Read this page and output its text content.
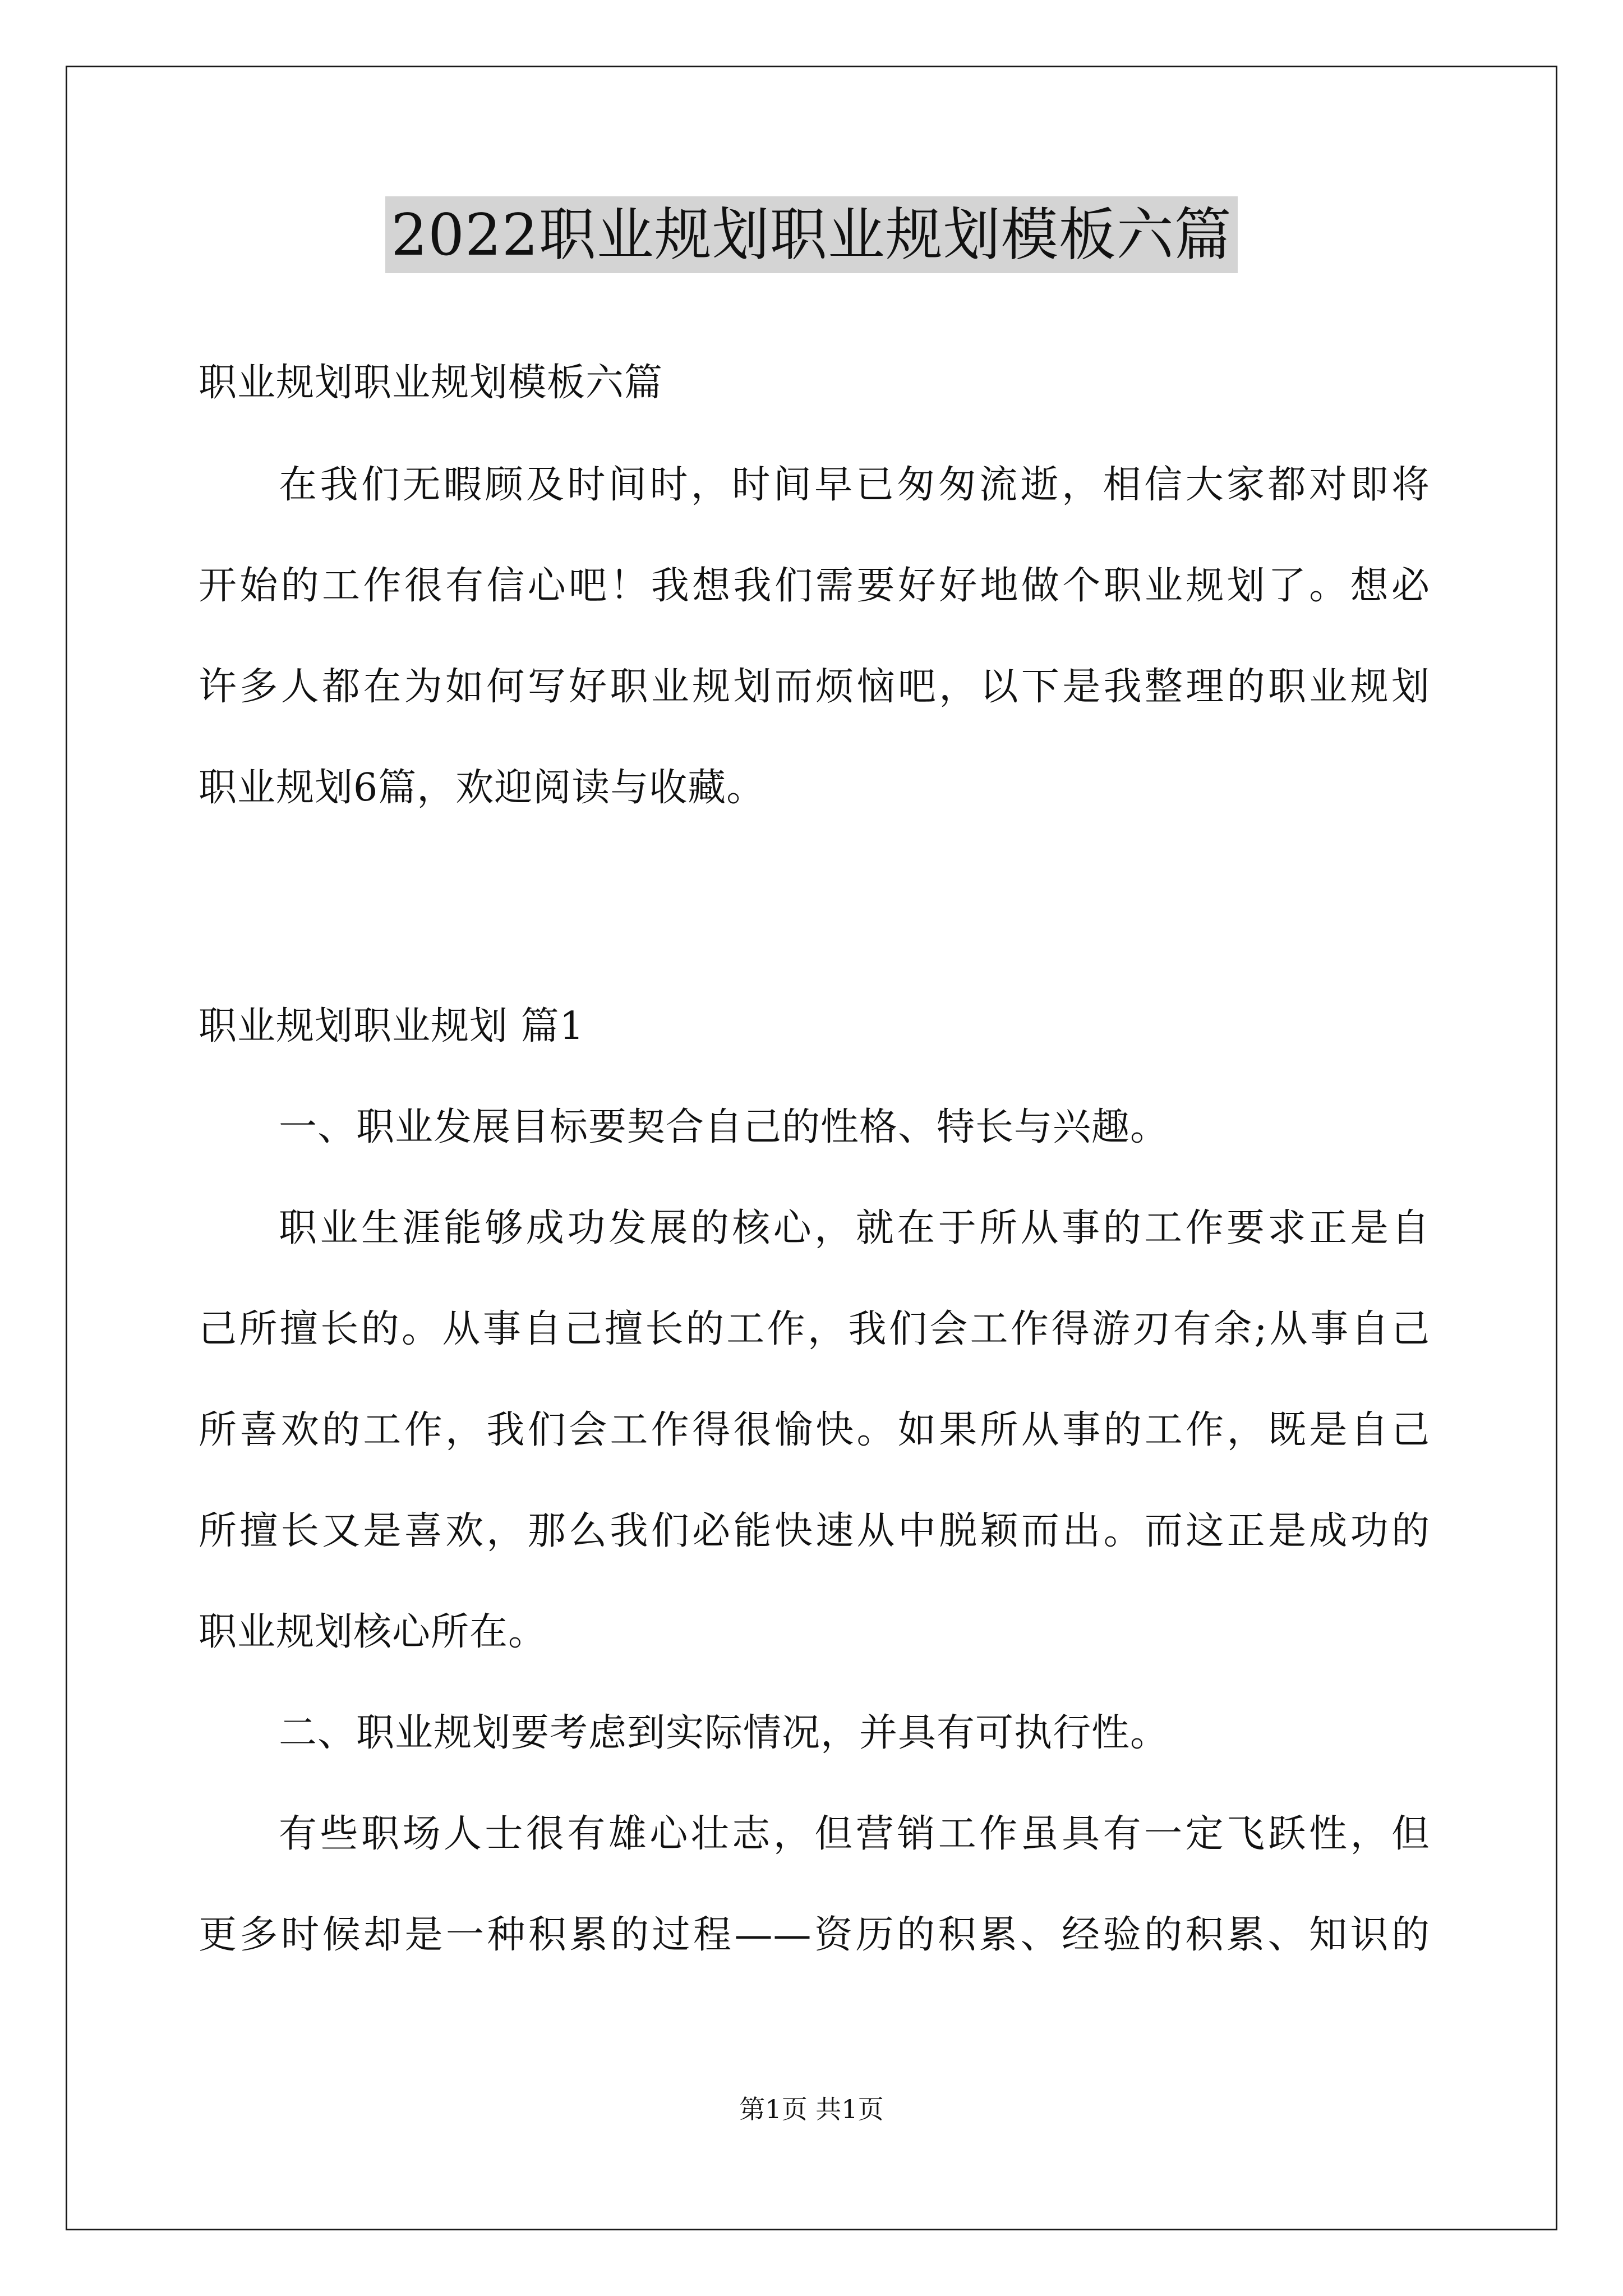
2022职业规划职业规划模板六篇
职业规划职业规划模板六篇
在我们无暇顾及时间时，时间早已匆匆流逝，相信大家都对即将
开始的工作很有信心吧！我想我们需要好好地做个职业规划了。想必
许多人都在为如何写好职业规划而烦恼吧，以下是我整理的职业规划
职业规划6篇，欢迎阅读与收藏。
职业规划职业规划 篇1
一、职业发展目标要契合自己的性格、特长与兴趣。
职业生涯能够成功发展的核心，就在于所从事的工作要求正是自
己所擅长的。从事自己擅长的工作，我们会工作得游刃有余;从事自己
所喜欢的工作，我们会工作得很愉快。如果所从事的工作，既是自己
所擅长又是喜欢，那么我们必能快速从中脱颖而出。而这正是成功的
职业规划核心所在。
二、职业规划要考虑到实际情况，并具有可执行性。
有些职场人士很有雄心壮志，但营销工作虽具有一定飞跃性，但
更多时候却是一种积累的过程——资历的积累、经验的积累、知识的
第1页 共1页
